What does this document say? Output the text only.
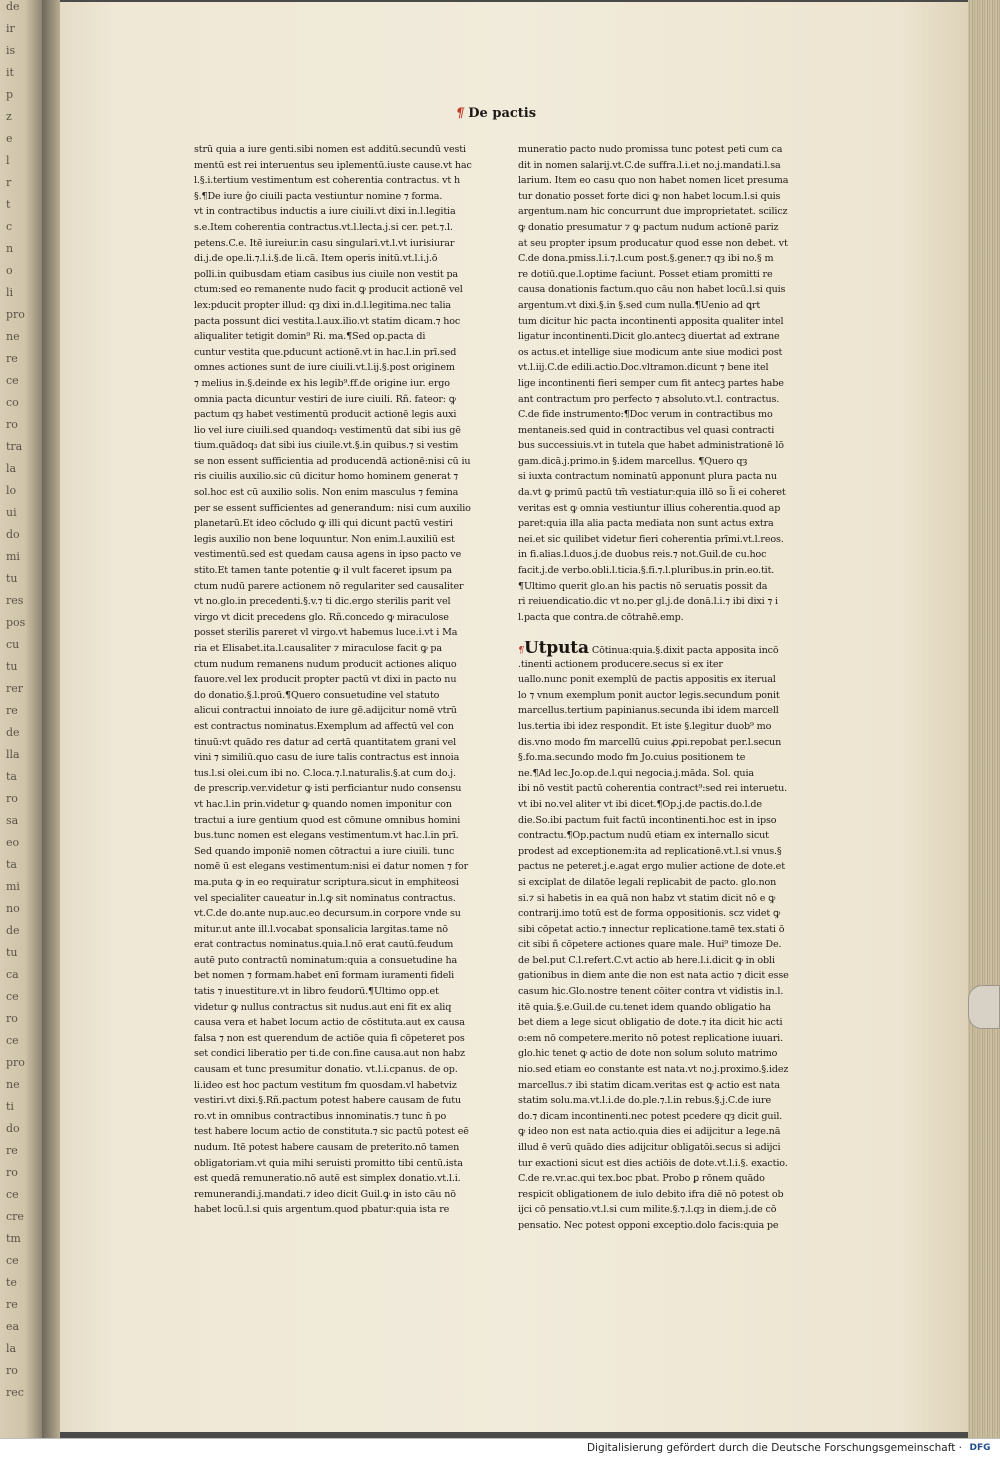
de
ir
is
it
p
z
e
l
r
t
c
n
o
li
pro
ne
re
ce
co
ro
tra
la
lo
ui
do
mi
tu
res
pos
cu
tu
rer
re
de
lla
ta
ro
sa
eo
ta
mi
no
de
tu
ca
ce
ro
ce
pro
ne
ti
do
re
ro
ce
cre
tm
ce
te
re
ea
la
ro
rec
¶ De pactis
strū quia a iure genti.sibi nomen est additū.secundū vesti
mentū est rei interuentus seu iplementū.iuste cause.vt hac
l.§.i.tertium vestimentum est coherentia contractus. vt h
§.¶De iure ĝo ciuili pacta vestiuntur nomine ⁊ forma.
vt in contractibus inductis a iure ciuili.vt dixi in.l.legitia
s.e.Item coherentia contractus.vt.l.lecta.j.si cer. pet.⁊.l.
petens.C.e. Itē iureiur.in casu singulari.vt.l.vt iurisiurar
di.j.de ope.li.⁊.l.i.§.de li.cā. Item operis initū.vt.l.i.j.ō
polli.in quibusdam etiam casibus ius ciuile non vestit pa
ctum:sed eo remanente nudo facit ꝙ producit actionē vel
lex:pducit propter illud: qȝ dixi in.d.l.legitima.nec talia
pacta possunt dici vestita.l.aux.ilio.vt statim dicam.⁊ hoc
aliqualiter tetigit domin⁹ Ri. ma.¶Sed op.pacta di
cuntur vestita que.pducunt actionē.vt in hac.l.in prī.sed
omnes actiones sunt de iure ciuili.vt.l.ij.§.post originem
⁊ melius in.§.deinde ex his legib⁹.ff.de origine iur. ergo
omnia pacta dicuntur vestiri de iure ciuili. Rñ. fateor: ꝙ
pactum qȝ habet vestimentū producit actionē legis auxi
lio vel iure ciuili.sed quandoq₃ vestimentū dat sibi ius gē
tium.quādoq₃ dat sibi ius ciuile.vt.§.in quibus.⁊ si vestim
se non essent sufficientia ad producendā actionē:nisi cū iu
ris ciuilis auxilio.sic cū dicitur homo hominem generat ⁊
sol.hoc est cū auxilio solis. Non enim masculus ⁊ femina
per se essent sufficientes ad generandum: nisi cum auxilio
planetarū.Et ideo cōcludo ꝙ illi qui dicunt pactū vestiri
legis auxilio non bene loquuntur. Non enim.l.auxiliū est
vestimentū.sed est quedam causa agens in ipso pacto ve
stito.Et tamen tante potentie ꝙ il vult faceret ipsum pa
ctum nudū parere actionem nō regulariter sed causaliter
vt no.glo.in precedenti.§.v.⁊ ti dic.ergo sterilis parit vel
virgo vt dicit precedens glo. Rñ.concedo ꝙ miraculose
posset sterilis pareret vl virgo.vt habemus luce.i.vt i Ma
ria et Elisabet.ita.l.causaliter ⁊ miraculose facit ꝙ pa
ctum nudum remanens nudum producit actiones aliquo
fauore.vel lex producit propter pactū vt dixi in pacto nu
do donatio.§.l.proū.¶Quero consuetudine vel statuto
alicui contractui innoiato de iure gē.adijcitur nomē vtrū
est contractus nominatus.Exemplum ad affectū vel con
tinuū:vt quādo res datur ad certā quantitatem grani vel
vini ⁊ similiū.quo casu de iure talis contractus est innoia
tus.l.si olei.cum ibi no. C.loca.⁊.l.naturalis.§.at cum do.j.
de prescrip.ver.videtur ꝙ isti perficiantur nudo consensu
vt hac.l.in prin.videtur ꝙ quando nomen imponitur con
tractui a iure gentium quod est cōmune omnibus homini
bus.tunc nomen est elegans vestimentum.vt hac.l.in prī.
Sed quando imponiē nomen cōtractui a iure ciuili. tunc
nomē ū est elegans vestimentum:nisi ei datur nomen ⁊ for
ma.puta ꝙ in eo requiratur scriptura.sicut in emphiteosi
vel specialiter caueatur in.l.ꝙ sit nominatus contractus.
vt.C.de do.ante nup.auc.eo decursum.in corpore vnde su
mitur.ut ante ill.l.vocabat sponsalicia largitas.tame nō
erat contractus nominatus.quia.l.nō erat cautū.feudum
autē puto contractū nominatum:quia a consuetudine ha
bet nomen ⁊ formam.habet enī formam iuramenti fideli
tatis ⁊ inuestiture.vt in libro feudorū.¶Ultimo opp.et
videtur ꝙ nullus contractus sit nudus.aut eni fit ex aliq
causa vera et habet locum actio de cōstituta.aut ex causa
falsa ⁊ non est querendum de actiōe quia fi cōpeteret pos
set condici liberatio per ti.de con.fine causa.aut non habz
causam et tunc presumitur donatio. vt.l.i.cpanus. de op.
li.ideo est hoc pactum vestitum fm quosdam.vl habetviz
vestiri.vt dixi.§.Rñ.pactum potest habere causam de futu
ro.vt in omnibus contractibus innominatis.⁊ tunc n̄ po
test habere locum actio de constituta.⁊ sic pactū potest eē
nudum. Itē potest habere causam de preterito.nō tamen
obligatoriam.vt quia mihi seruisti promitto tibi centū.ista
est quedā remuneratio.nō autē est simplex donatio.vt.l.i.
remunerandi.j.mandati.⁊ ideo dicit Guil.ꝙ in isto cāu nō
habet locū.l.si quis argentum.quod pbatur:quia ista re
muneratio pacto nudo promissa tunc potest peti cum ca
dit in nomen salarij.vt.C.de suffra.l.i.et no.j.mandati.l.sa
larium. Item eo casu quo non habet nomen licet presuma
tur donatio posset forte dici ꝙ non habet locum.l.si quis
argentum.nam hic concurrunt due improprietatet. scilicz
ꝙ donatio presumatur ⁊ ꝙ pactum nudum actionē pariz
at seu propter ipsum producatur quod esse non debet. vt
C.de dona.pmiss.l.i.⁊.l.cum post.§.gener.⁊ qȝ ibi no.§ m
re dotiū.que.l.optime faciunt. Posset etiam promitti re
causa donationis factum.quo cāu non habet locū.l.si quis
argentum.vt dixi.§.in §.sed cum nulla.¶Uenio ad ꝗrt
tum dicitur hic pacta incontinenti apposita qualiter intel
ligatur incontinenti.Dicit glo.antecꝫ diuertat ad extrane
os actus.et intellige siue modicum ante siue modici post
vt.l.iij.C.de edili.actio.Doc.vltramon.dicunt ⁊ bene itel
lige incontinenti fieri semper cum fit antecꝫ partes habe
ant contractum pro perfecto ⁊ absoluto.vt.l. contractus.
C.de fide instrumento:¶Doc verum in contractibus mo
mentaneis.sed quid in contractibus vel quasi contracti
bus successiuis.vt in tutela que habet administrationē lō
gam.dicā.j.primo.in §.idem marcellus. ¶Quero qȝ
si iuxta contractum nominatū apponunt plura pacta nu
da.vt ꝙ primū pactū tm̄ vestiatur:quia illō so l̄i ei coheret
veritas est ꝙ omnia vestiuntur illius coherentia.quod ap
paret:quia illa alia pacta mediata non sunt actus extra
nei.et sic quilibet videtur fieri coherentia prīmi.vt.l.reos.
in fi.alias.l.duos.j.de duobus reis.⁊ not.Guil.de cu.hoc
facit.j.de verbo.obli.l.ticia.§.fi.⁊.l.pluribus.in prin.eo.tit.
¶Ultimo querit glo.an his pactis nō seruatis possit da
ri reiuendicatio.dic vt no.per gl.j.de donā.l.i.⁊ ibi dixi ⁊ i
l.pacta que contra.de cōtrahē.emp.
¶Utputa Cōtinua:quia.§.dixit pacta apposita incō
.tinenti actionem producere.secus si ex iter
uallo.nunc ponit exemplū de pactis appositis ex iterual
lo ⁊ vnum exemplum ponit auctor legis.secundum ponit
marcellus.tertium papinianus.secunda ibi idem marcell
lus.tertia ibi idez respondit. Et iste §.legitur duob⁹ mo
dis.vno modo fm marcellū cuius ꝓpi.repobat per.l.secun
§.fo.ma.secundo modo fm Jo.cuius positionem te
ne.¶Ad lec.Jo.op.de.l.qui negocia.j.māda. Sol. quia
ibi nō vestit pactū coherentia contract⁹:sed rei interuetu.
vt ibi no.vel aliter vt ibi dicet.¶Op.j.de pactis.do.l.de
die.So.ibi pactum fuit factū incontinenti.hoc est in ipso
contractu.¶Op.pactum nudū etiam ex internallo sicut
prodest ad exceptionem:ita ad replicationē.vt.l.si vnus.§
pactus ne peteret.j.e.agat ergo mulier actione de dote.et
si exciplat de dilatōe legali replicabit de pacto. glo.non
si.⁊ si habetis in ea quā non habz vt statim dicit nō e ꝙ
contrarij.imo totū est de forma oppositionis. scz videt ꝙ
sibi cōpetat actio.⁊ innectur replicatione.tamē tex.stati ō
cit sibi ñ cōpetere actiones quare male. Hui⁹ timoze De.
de bel.put C.l.refert.C.vt actio ab here.l.i.dicit ꝙ in obli
gationibus in diem ante die non est nata actio ⁊ dicit esse
casum hic.Glo.nostre tenent cōiter contra vt vidistis in.l.
itē quia.§.e.Guil.de cu.tenet idem quando obligatio ha
bet diem a lege sicut obligatio de dote.⁊ ita dicit hic acti
o:em nō competere.merito nō potest replicatione iuuari.
glo.hic tenet ꝙ actio de dote non solum soluto matrimo
nio.sed etiam eo constante est nata.vt no.j.proximo.§.idez
marcellus.⁊ ibi statim dicam.veritas est ꝙ actio est nata
statim solu.ma.vt.l.i.de do.ple.⁊.l.in rebus.§.j.C.de iure
do.⁊ dicam incontinenti.nec potest pcedere qȝ dicit guil.
ꝙ ideo non est nata actio.quia dies ei adijcitur a lege.nā
illud ē verū quādo dies adijcitur obligatōi.secus si adijci
tur exactioni sicut est dies actiōis de dote.vt.l.i.§. exactio.
C.de re.vr.ac.qui tex.boc pbat. Probo ꝑ rōnem quādo
respicit obligationem de iulo debito ifra diē nō potest ob
ijci cō pensatio.vt.l.si cum milite.§.⁊.l.qȝ in diem.j.de cō
pensatio. Nec potest opponi exceptio.dolo facis:quia pe
Digitalisierung gefördert durch die Deutsche Forschungsgemeinschaft · DFG
